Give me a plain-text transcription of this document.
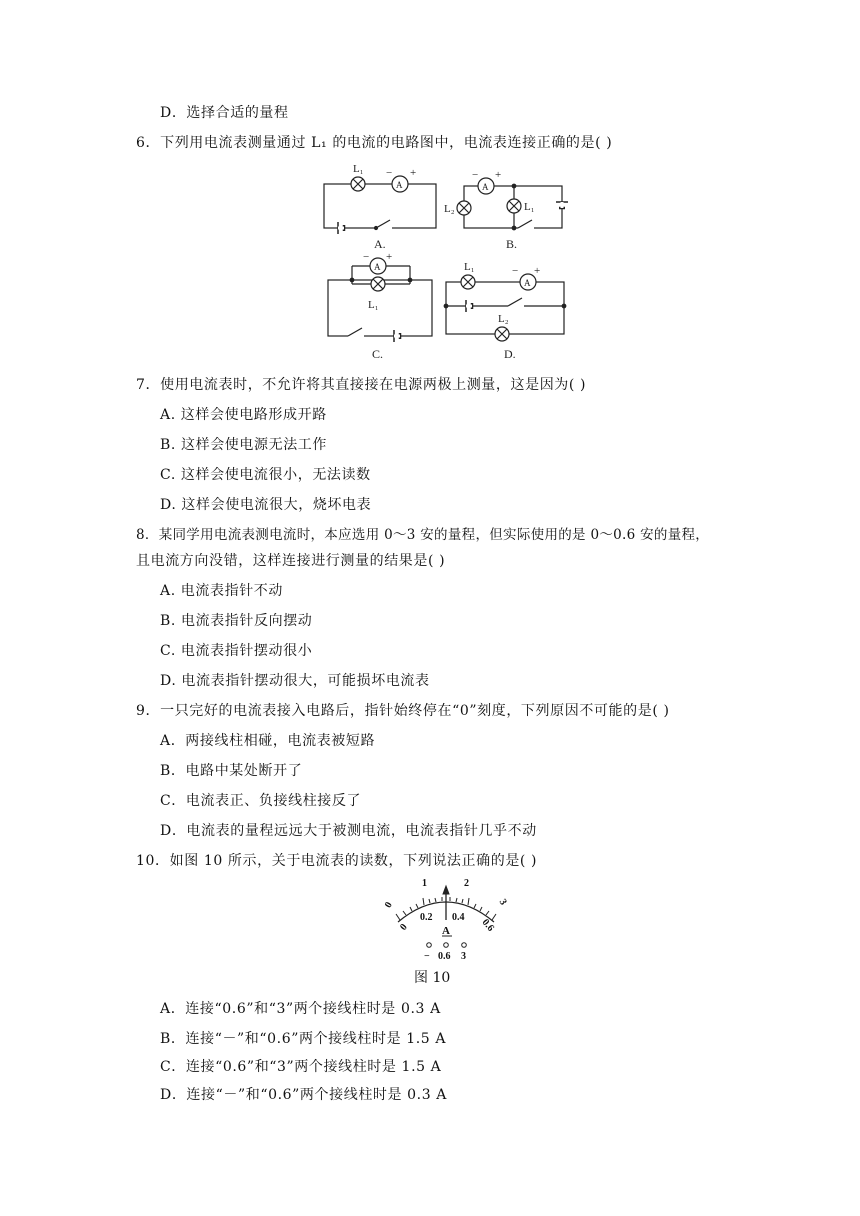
D．选择合适的量程
6．下列用电流表测量通过 L₁ 的电流的电路图中，电流表连接正确的是( )
L₁
A
− +
A.
A
− +
L₂	L₁
B.
A
− +
L₁
C.
L₁
A
− +
L₂
D.
7．使用电流表时，不允许将其直接接在电源两极上测量，这是因为( )
A. 这样会使电路形成开路
B. 这样会使电源无法工作
C. 这样会使电流很小，无法读数
D. 这样会使电流很大，烧坏电表
8．某同学用电流表测电流时，本应选用 0～3 安的量程，但实际使用的是 0～0.6 安的量程，
且电流方向没错，这样连接进行测量的结果是( )
A. 电流表指针不动
B. 电流表指针反向摆动
C. 电流表指针摆动很小
D. 电流表指针摆动很大，可能损坏电流表
9．一只完好的电流表接入电路后，指针始终停在“0”刻度，下列原因不可能的是( )
A．两接线柱相碰，电流表被短路
B．电路中某处断开了
C．电流表正、负接线柱接反了
D．电流表的量程远远大于被测电流，电流表指针几乎不动
10．如图 10 所示，关于电流表的读数，下列说法正确的是( )
0
1	2
3
0
0.2 0.4 0.6
A
− 0.6 3
图 10
A．连接“0.6”和“3”两个接线柱时是 0.3 A
B．连接“－”和“0.6”两个接线柱时是 1.5 A
C．连接“0.6”和“3”两个接线柱时是 1.5 A
D．连接“－”和“0.6”两个接线柱时是 0.3 A
